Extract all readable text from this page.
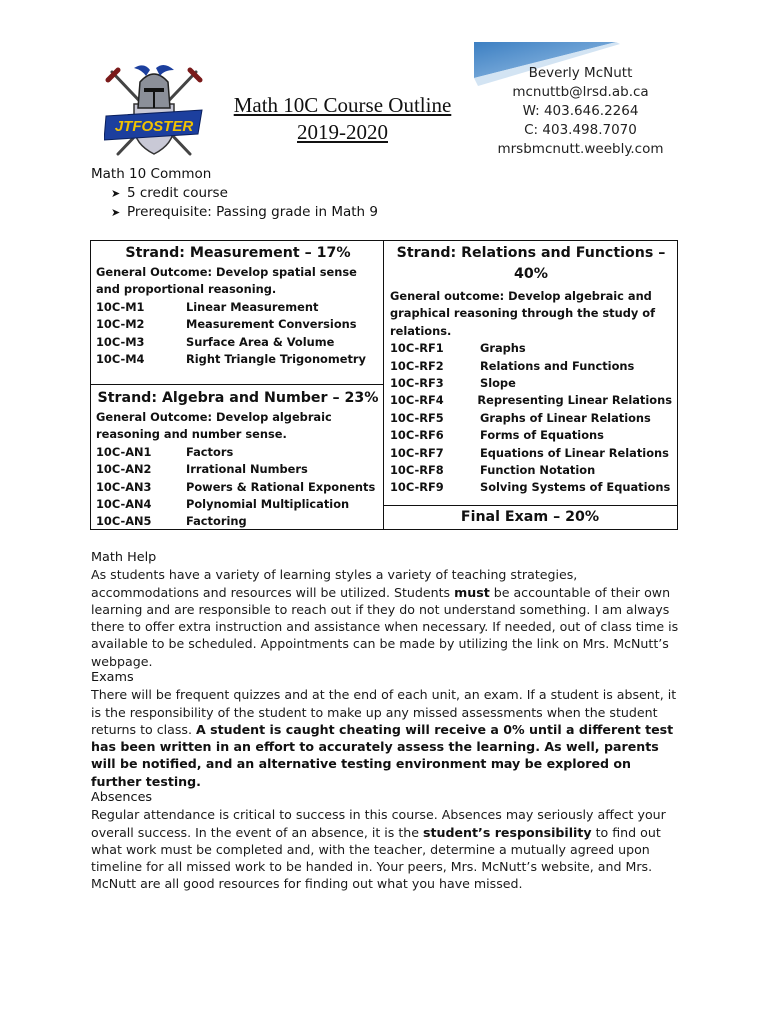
JTFOSTER
Math 10C Course Outline
2019-2020
Beverly McNutt
mcnuttb@lrsd.ab.ca
W: 403.646.2264
C: 403.498.7070
mrsbmcnutt.weebly.com
Math 10 Common
➤ 5 credit course
➤ Prerequisite: Passing grade in Math 9
Strand: Measurement – 17%
General Outcome: Develop spatial sense and proportional reasoning.
10C-M1	Linear Measurement
10C-M2	Measurement Conversions
10C-M3	Surface Area & Volume
10C-M4	Right Triangle Trigonometry
Strand: Algebra and Number – 23%
General Outcome: Develop algebraic reasoning and number sense.
10C-AN1	Factors
10C-AN2	Irrational Numbers
10C-AN3	Powers & Rational Exponents
10C-AN4	Polynomial Multiplication
10C-AN5	Factoring
Strand: Relations and Functions –
40%
General outcome: Develop algebraic and graphical reasoning through the study of relations.
10C-RF1	Graphs
10C-RF2	Relations and Functions
10C-RF3	Slope
10C-RF4	Representing Linear Relations
10C-RF5	Graphs of Linear Relations
10C-RF6	Forms of Equations
10C-RF7	Equations of Linear Relations
10C-RF8	Function Notation
10C-RF9	Solving Systems of Equations
Final Exam – 20%
Math Help

As students have a variety of learning styles a variety of teaching strategies, accommodations and resources will be utilized. Students must be accountable of their own learning and are responsible to reach out if they do not understand something. I am always there to offer extra instruction and assistance when necessary. If needed, out of class time is available to be scheduled. Appointments can be made by utilizing the link on Mrs. McNutt’s webpage.

Exams

There will be frequent quizzes and at the end of each unit, an exam. If a student is absent, it is the responsibility of the student to make up any missed assessments when the student returns to class. A student is caught cheating will receive a 0% until a different test has been written in an effort to accurately assess the learning. As well, parents will be notified, and an alternative testing environment may be explored on further testing.

Absences

Regular attendance is critical to success in this course. Absences may seriously affect your overall success. In the event of an absence, it is the student’s responsibility to find out what work must be completed and, with the teacher, determine a mutually agreed upon timeline for all missed work to be handed in. Your peers, Mrs. McNutt’s website, and Mrs. McNutt are all good resources for finding out what you have missed.
